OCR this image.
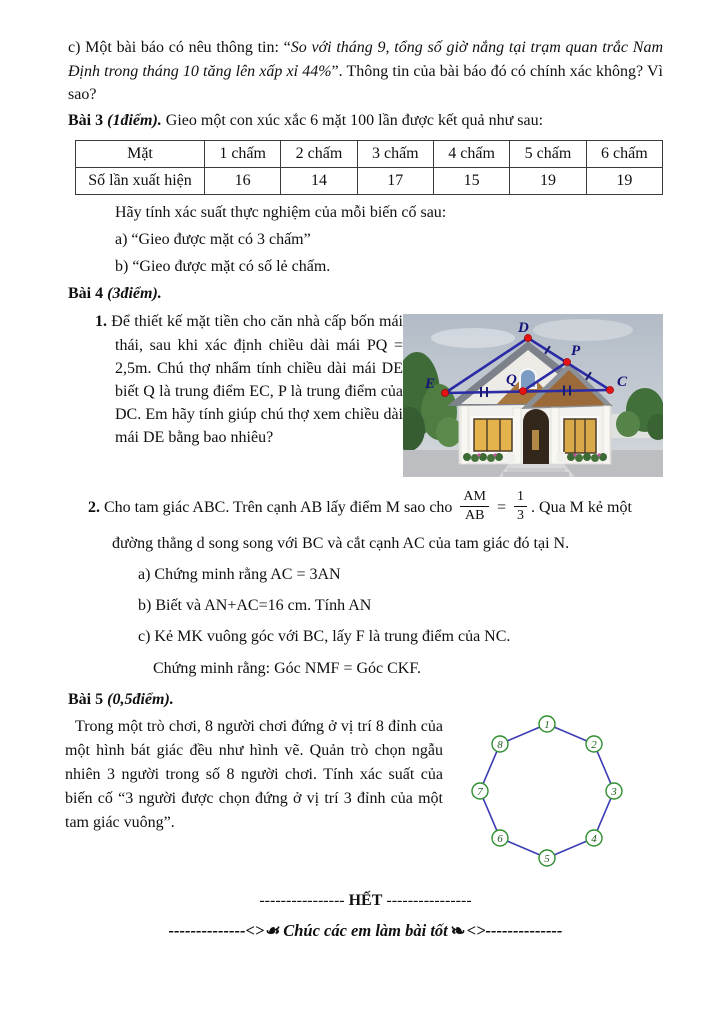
c) Một bài báo có nêu thông tin: “So với tháng 9, tổng số giờ nắng tại trạm quan trắc Nam Định trong tháng 10 tăng lên xấp xỉ 44%”. Thông tin của bài báo đó có chính xác không? Vì sao?
Bài 3 (1điểm). Gieo một con xúc xắc 6 mặt 100 lần được kết quả như sau:
Mặt	1 chấm	2 chấm	3 chấm	4 chấm	5 chấm	6 chấm
Số lần xuất hiện	16	14	17	15	19	19
Hãy tính xác suất thực nghiệm của mỗi biến cố sau:
a) “Gieo được mặt có 3 chấm”
b) “Gieo được mặt có số lẻ chấm.
Bài 4 (3điểm).
1. Để thiết kế mặt tiền cho căn nhà cấp bốn mái thái, sau khi xác định chiều dài mái PQ = 2,5m. Chú thợ nhẩm tính chiều dài mái DE biết Q là trung điểm EC, P là trung điểm của DC. Em hãy tính giúp chú thợ xem chiều dài mái DE bằng bao nhiêu?
D
P
Q
E	C
2. Cho tam giác ABC. Trên cạnh AB lấy điểm M sao cho $\frac{AM}{AB} = \frac{1}{3}$ . Qua M kẻ một
đường thẳng d song song với BC và cắt cạnh AC của tam giác đó tại N.
a) Chứng minh rằng AC = 3AN
b) Biết và AN+AC=16 cm. Tính AN
c) Kẻ MK vuông góc với BC, lấy F là trung điểm của NC.
Chứng minh rằng: Góc NMF = Góc CKF.
Bài 5 (0,5điểm).
Trong một trò chơi, 8 người chơi đứng ở vị trí 8 đỉnh của một hình bát giác đều như hình vẽ. Quản trò chọn ngẫu nhiên 3 người trong số 8 người chơi. Tính xác suất của biến cố “3 người được chọn đứng ở vị trí 3 đỉnh của một tam giác vuông”.
1
2
3
4
5
6
7
8
---------------- HẾT ----------------
--------------<>☙ Chúc các em làm bài tốt ☙<>--------------
